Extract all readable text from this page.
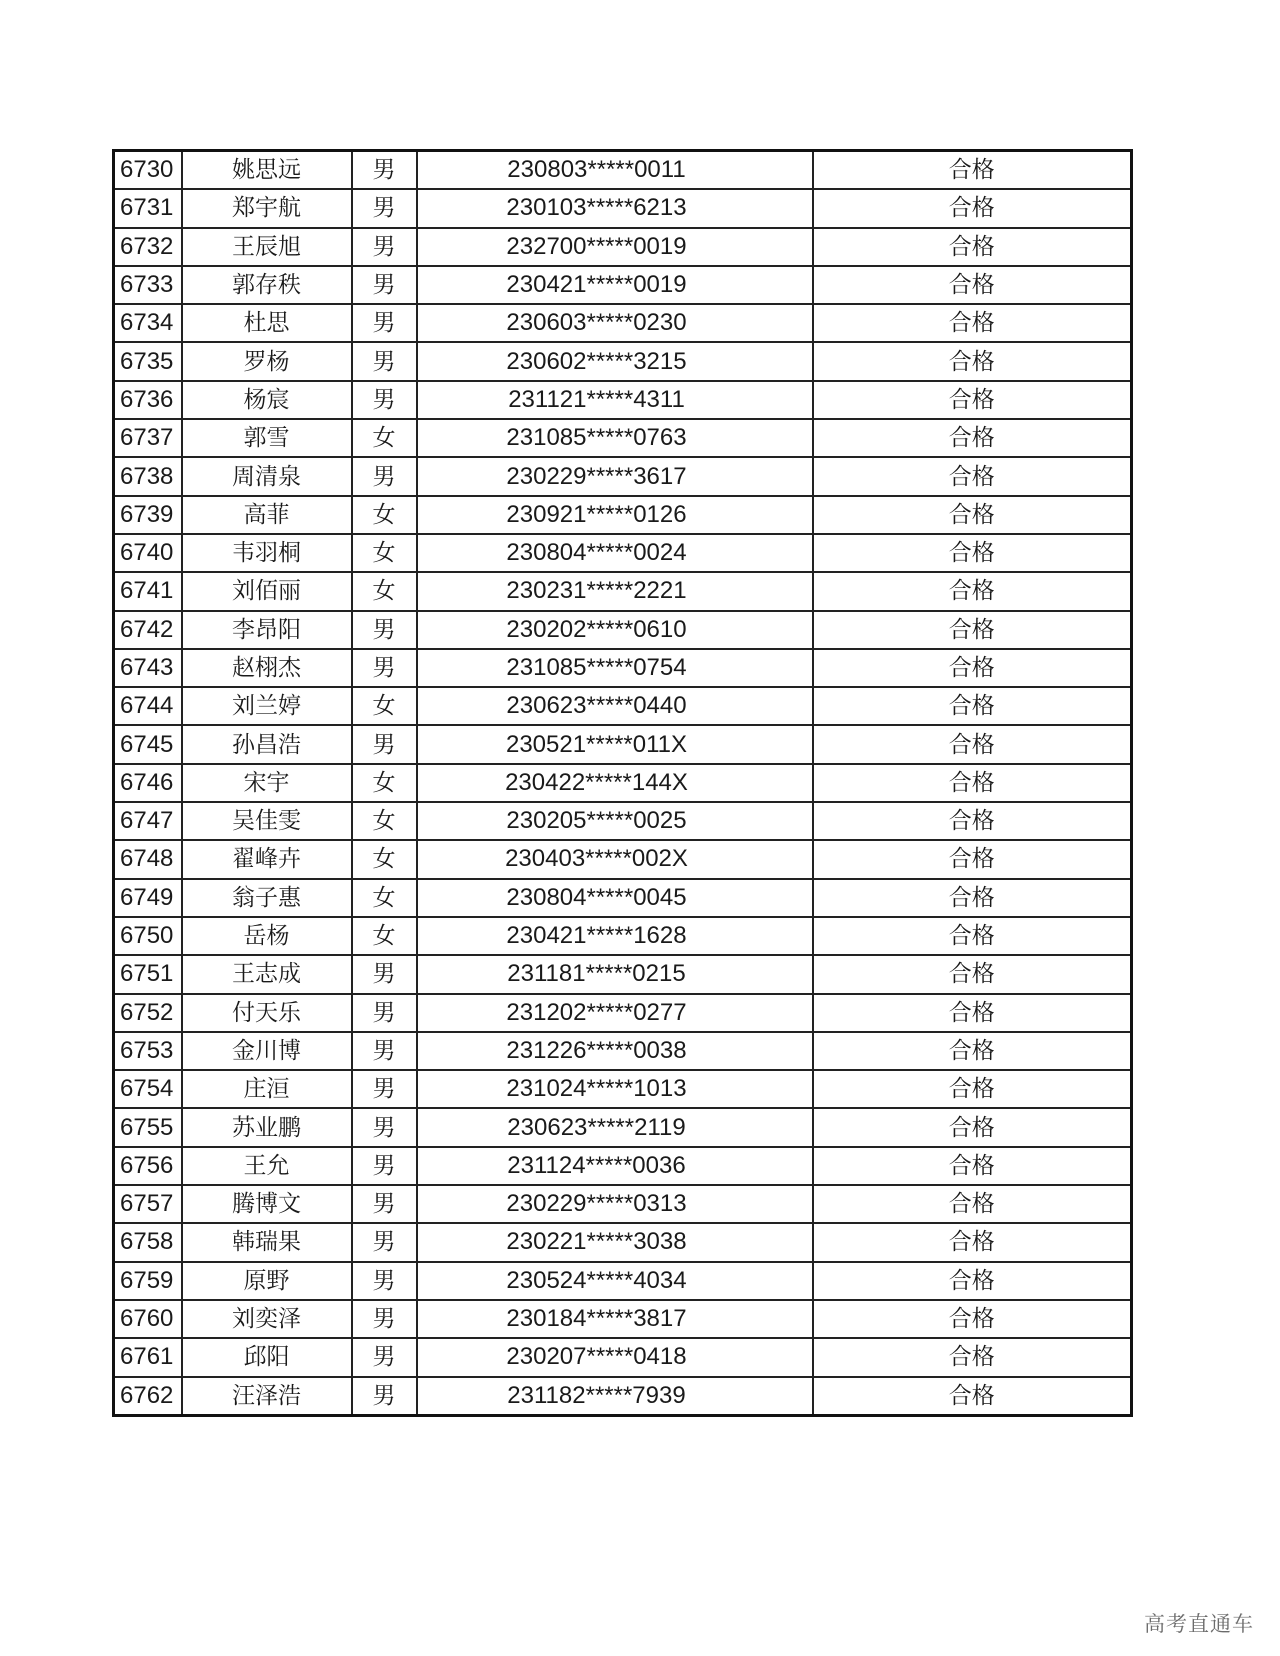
6730	姚思远	男	230803*****0011	合格
6731	郑宇航	男	230103*****6213	合格
6732	王辰旭	男	232700*****0019	合格
6733	郭存秩	男	230421*****0019	合格
6734	杜思	男	230603*****0230	合格
6735	罗杨	男	230602*****3215	合格
6736	杨宸	男	231121*****4311	合格
6737	郭雪	女	231085*****0763	合格
6738	周清泉	男	230229*****3617	合格
6739	高菲	女	230921*****0126	合格
6740	韦羽桐	女	230804*****0024	合格
6741	刘佰丽	女	230231*****2221	合格
6742	李昂阳	男	230202*****0610	合格
6743	赵栩杰	男	231085*****0754	合格
6744	刘兰婷	女	230623*****0440	合格
6745	孙昌浩	男	230521*****011X	合格
6746	宋宇	女	230422*****144X	合格
6747	吴佳雯	女	230205*****0025	合格
6748	翟峰卉	女	230403*****002X	合格
6749	翁子惠	女	230804*****0045	合格
6750	岳杨	女	230421*****1628	合格
6751	王志成	男	231181*****0215	合格
6752	付天乐	男	231202*****0277	合格
6753	金川博	男	231226*****0038	合格
6754	庄洹	男	231024*****1013	合格
6755	苏业鹏	男	230623*****2119	合格
6756	王允	男	231124*****0036	合格
6757	腾博文	男	230229*****0313	合格
6758	韩瑞果	男	230221*****3038	合格
6759	原野	男	230524*****4034	合格
6760	刘奕泽	男	230184*****3817	合格
6761	邱阳	男	230207*****0418	合格
6762	汪泽浩	男	231182*****7939	合格
高考直通车
